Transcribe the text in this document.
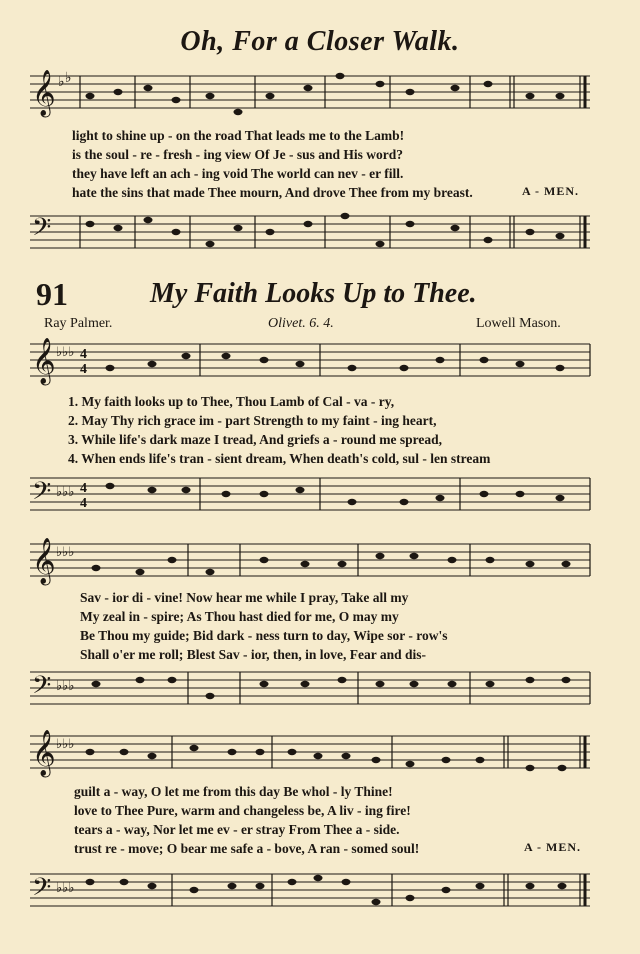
Oh, For a Closer Walk.
𝄞 ♭ ♭
light to shine up - on the road That leads me to the Lamb!
is the soul - re - fresh - ing view Of Je - sus and His word?
they have left an ach - ing void The world can nev - er fill.
hate the sins that made Thee mourn, And drove Thee from my breast.	A - MEN.
𝄢
91	My Faith Looks Up to Thee.
Ray Palmer.	Olivet. 6. 4.	Lowell Mason.
𝄞 ♭♭♭ 4
4
𝄢 ♭♭♭ 4
4
1. My faith looks up to Thee, Thou Lamb of Cal - va - ry,
2. May Thy rich grace im - part Strength to my faint - ing heart,
3. While life's dark maze I tread, And griefs a - round me spread,
4. When ends life's tran - sient dream, When death's cold, sul - len stream
𝄞 ♭♭♭
𝄢 ♭♭♭
Sav - ior di - vine! Now hear me while I pray, Take all my
My zeal in - spire; As Thou hast died for me, O may my
Be Thou my guide; Bid dark - ness turn to day, Wipe sor - row's
Shall o'er me roll; Blest Sav - ior, then, in love, Fear and dis-
𝄞 ♭♭♭
𝄢 ♭♭♭
guilt a - way, O let me from this day Be whol - ly Thine!
love to Thee Pure, warm and changeless be, A liv - ing fire!
tears a - way, Nor let me ev - er stray From Thee a - side.
trust re - move; O bear me safe a - bove, A ran - somed soul!	A - MEN.
